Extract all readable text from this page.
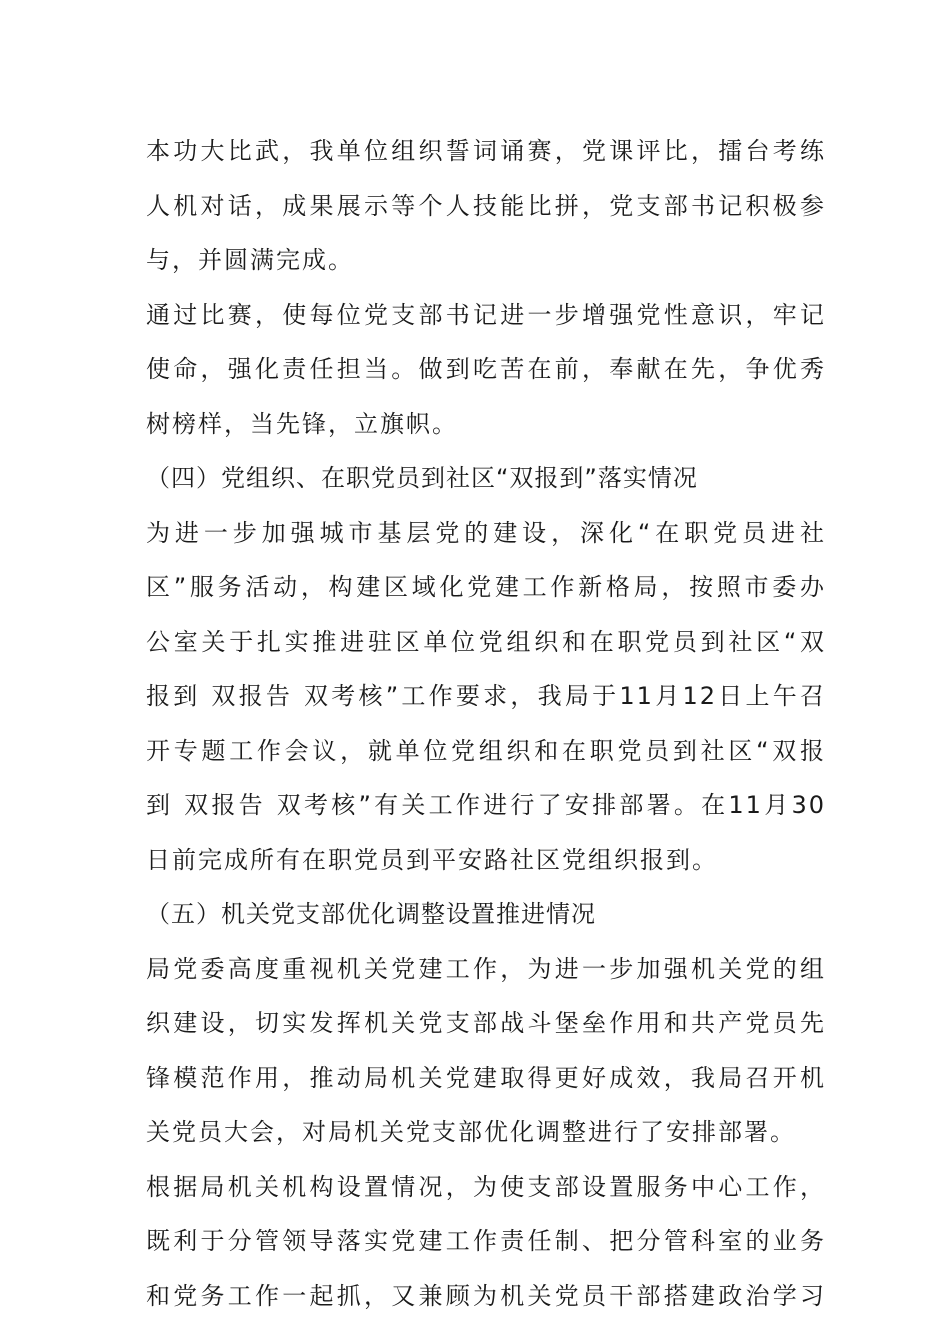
本功大比武，我单位组织誓词诵赛，党课评比，擂台考练
人机对话，成果展示等个人技能比拼，党支部书记积极参
与，并圆满完成。
通过比赛，使每位党支部书记进一步增强党性意识，牢记
使命，强化责任担当。做到吃苦在前，奉献在先，争优秀
树榜样，当先锋，立旗帜。
（四）党组织、在职党员到社区“双报到”落实情况
为进一步加强城市基层党的建设，深化“在职党员进社
区”服务活动，构建区域化党建工作新格局，按照市委办
公室关于扎实推进驻区单位党组织和在职党员到社区“双
报到 双报告 双考核”工作要求，我局于11月12日上午召
开专题工作会议，就单位党组织和在职党员到社区“双报
到 双报告 双考核”有关工作进行了安排部署。在11月30
日前完成所有在职党员到平安路社区党组织报到。
（五）机关党支部优化调整设置推进情况
局党委高度重视机关党建工作，为进一步加强机关党的组
织建设，切实发挥机关党支部战斗堡垒作用和共产党员先
锋模范作用，推动局机关党建取得更好成效，我局召开机
关党员大会，对局机关党支部优化调整进行了安排部署。
根据局机关机构设置情况，为使支部设置服务中心工作，
既利于分管领导落实党建工作责任制、把分管科室的业务
和党务工作一起抓，又兼顾为机关党员干部搭建政治学习
